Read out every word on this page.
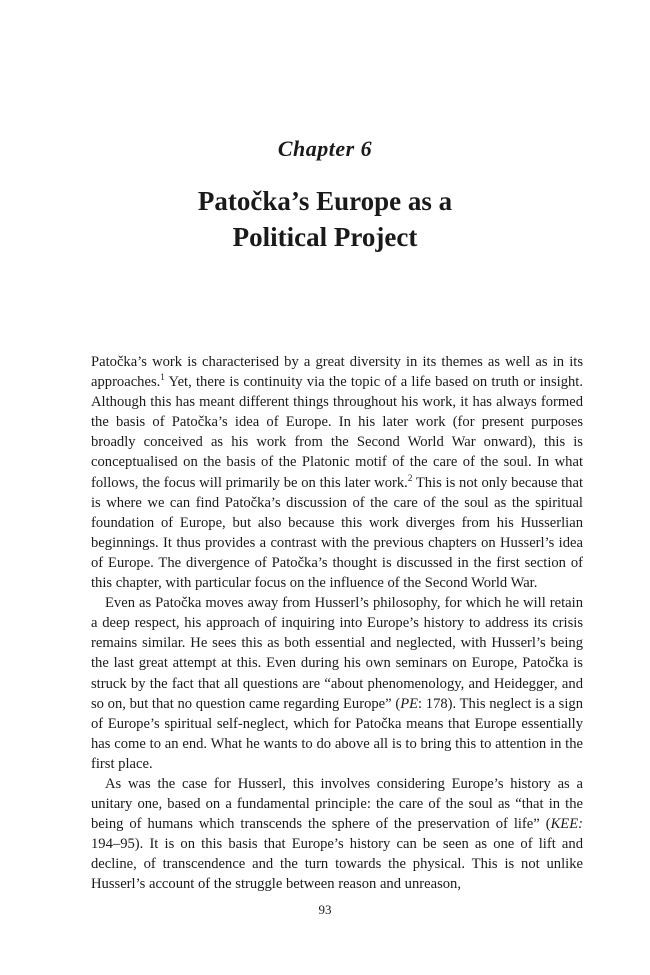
Chapter 6
Patočka’s Europe as a
Political Project

Patočka’s work is characterised by a great diversity in its themes as well as in its approaches.$^1$ Yet, there is continuity via the topic of a life based on truth or insight. Although this has meant different things throughout his work, it has always formed the basis of Patočka’s idea of Europe. In his later work (for present purposes broadly conceived as his work from the Second World War onward), this is conceptualised on the basis of the Platonic motif of the care of the soul. In what follows, the focus will primarily be on this later work.$^2$ This is not only because that is where we can find Patočka’s discussion of the care of the soul as the spiritual foundation of Europe, but also because this work diverges from his Husserlian beginnings. It thus provides a contrast with the previous chapters on Husserl’s idea of Europe. The divergence of Patočka’s thought is discussed in the first section of this chapter, with particular focus on the influence of the Second World War.

Even as Patočka moves away from Husserl’s philosophy, for which he will retain a deep respect, his approach of inquiring into Europe’s history to address its crisis remains similar. He sees this as both essential and neglected, with Husserl’s being the last great attempt at this. Even during his own seminars on Europe, Patočka is struck by the fact that all questions are “about phenomenology, and Heidegger, and so on, but that no question came regarding Europe” (PE: 178). This neglect is a sign of Europe’s spiritual self-neglect, which for Patočka means that Europe essentially has come to an end. What he wants to do above all is to bring this to attention in the first place.

As was the case for Husserl, this involves considering Europe’s history as a unitary one, based on a fundamental principle: the care of the soul as “that in the being of humans which transcends the sphere of the preservation of life” (KEE: 194–95). It is on this basis that Europe’s history can be seen as one of lift and decline, of transcendence and the turn towards the physical. This is not unlike Husserl’s account of the struggle between reason and unreason,

93
